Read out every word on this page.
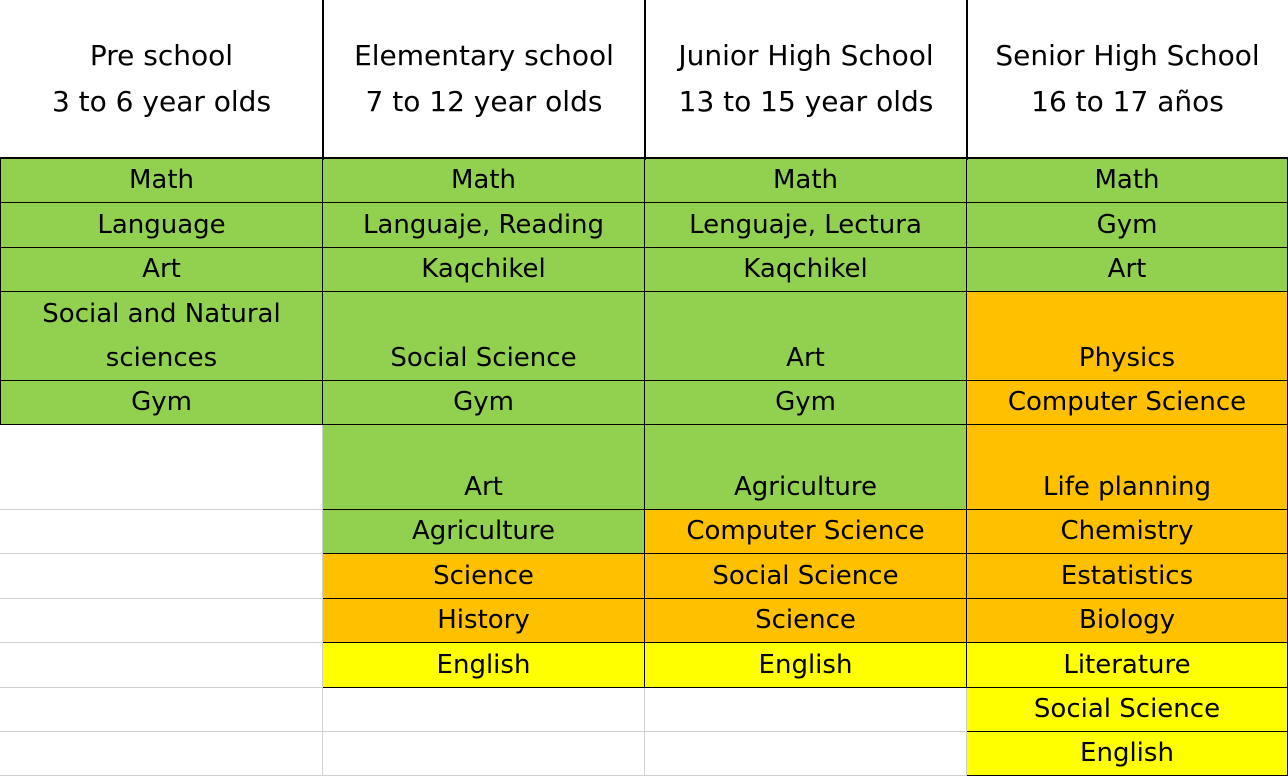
Pre school
3 to 6 year olds
Elementary school
7 to 12 year olds
Junior High School
13 to 15 year olds
Senior High School
16 to 17 años
Math
Language
Art
Social and Natural
sciences
Gym
Math
Languaje, Reading
Kaqchikel
Social Science
Gym
Art
Agriculture
Science
History
English
Math
Lenguaje, Lectura
Kaqchikel
Art
Gym
Agriculture
Computer Science
Social Science
Science
English
Math
Gym
Art
Physics
Computer Science
Life planning
Chemistry
Estatistics
Biology
Literature
Social Science
English
